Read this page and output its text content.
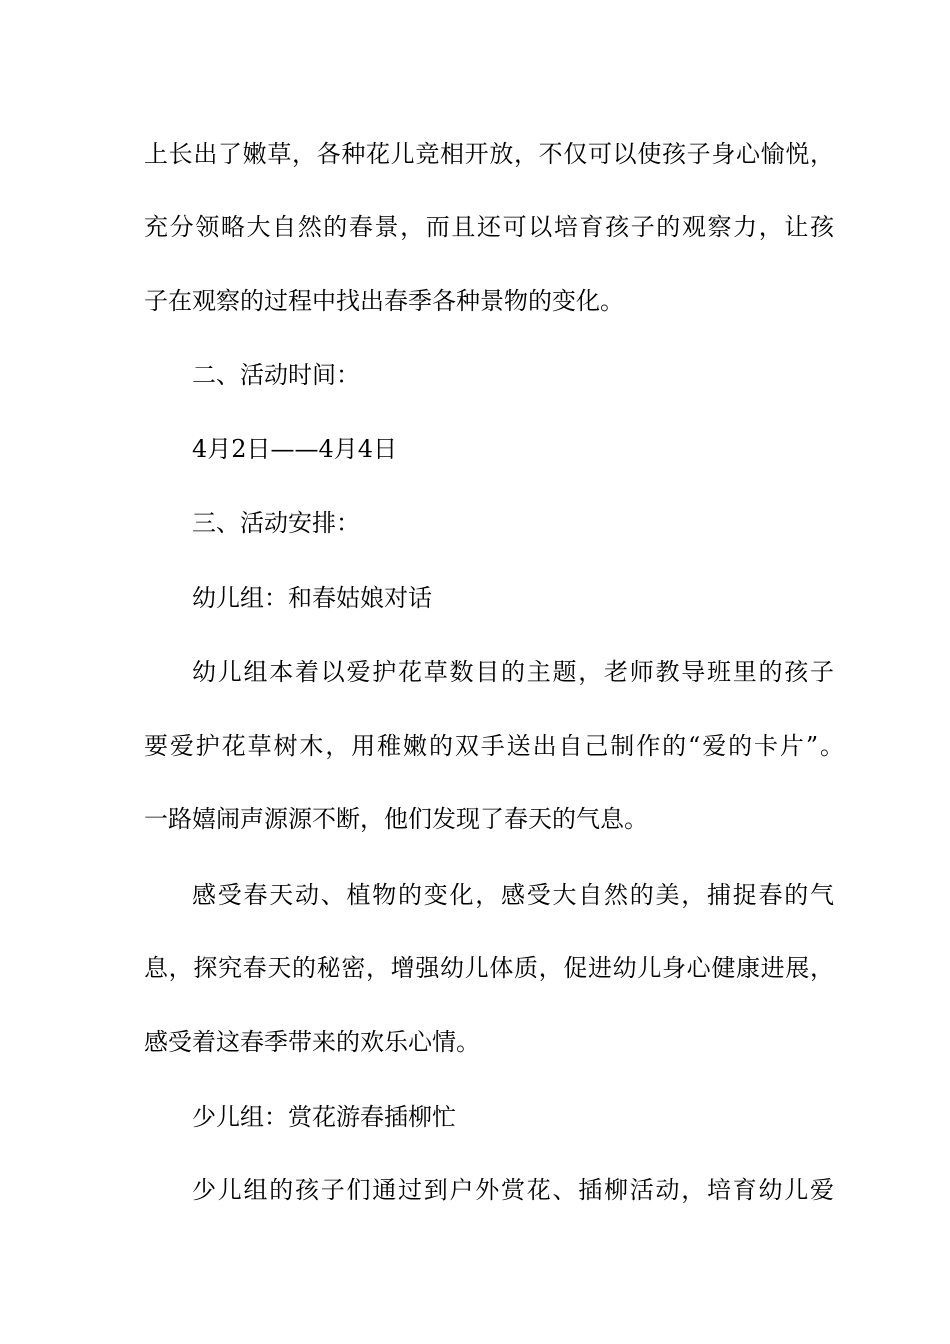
上长出了嫩草，各种花儿竞相开放，不仅可以使孩子身心愉悦，
充分领略大自然的春景，而且还可以培育孩子的观察力，让孩
子在观察的过程中找出春季各种景物的变化。
二、活动时间：
4月2日——4月4日
三、活动安排：
幼儿组：和春姑娘对话
幼儿组本着以爱护花草数目的主题，老师教导班里的孩子
要爱护花草树木，用稚嫩的双手送出自己制作的“爱的卡片”。
一路嬉闹声源源不断，他们发现了春天的气息。
感受春天动、植物的变化，感受大自然的美，捕捉春的气
息，探究春天的秘密，增强幼儿体质，促进幼儿身心健康进展，
感受着这春季带来的欢乐心情。
少儿组：赏花游春插柳忙
少儿组的孩子们通过到户外赏花、插柳活动，培育幼儿爱
